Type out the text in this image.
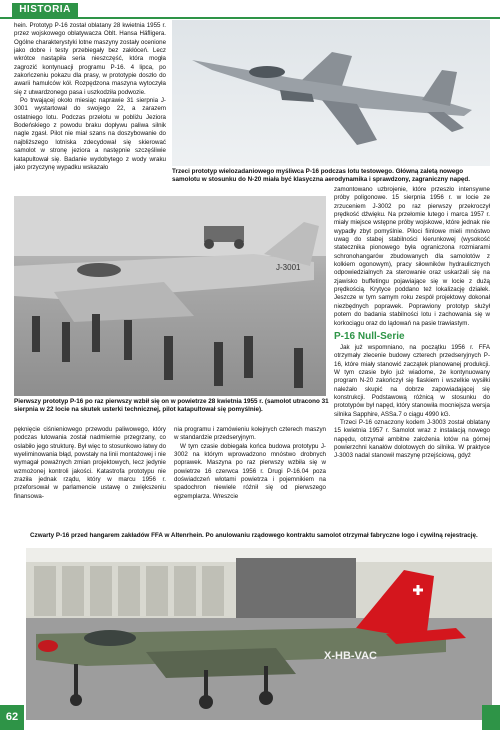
HISTORIA

hein. Prototyp P-16 został oblatany 28 kwietnia 1955 r. przez wojskowego oblatywacza Oblt. Hansa Häfligera. Ogólne charakterystyki lotne maszyny zostały ocenione jako dobre i testy przebiegały bez zakłóceń. Lecz wkrótce nastąpiła seria nieszczęść, która mogła zagrozić kontynuacji programu P-16. 4 lipca, po zakończeniu pokazu dla prasy, w prototypie doszło do awarii hamulców kół. Rozpędzona maszyna wytoczyła się z utwardzonego pasa i uszkodziła podwozie.

Po trwającej około miesiąc naprawie 31 sierpnia J-3001 wystartował do swojego 22, a zarazem ostatniego lotu. Podczas przelotu w pobliżu Jeziora Bodeńskiego z powodu braku dopływu paliwa silnik nagle zgasł. Pilot nie miał szans na doszybowanie do najbliższego lotniska zdecydował się skierować samolot w stronę jeziora a następnie szczęśliwie katapultował się. Badanie wydobytego z wody wraku jako przyczynę wypadku wskazało

Trzeci prototyp wielozadaniowego myśliwca P-16 podczas lotu testowego. Główną zaletą nowego samolotu w stosunku do N-20 miała być klasyczna aerodynamika i sprawdzony, zagraniczny napęd.
J-3001
Pierwszy prototyp P-16 po raz pierwszy wzbił się on w powietrze 28 kwietnia 1955 r. (samolot utracono 31 sierpnia w 22 locie na skutek usterki technicznej, pilot katapultował się pomyślnie).

zamontowano uzbrojenie, które przeszło intensywne próby poligonowe. 15 sierpnia 1956 r. w locie ze zrzuceniem J-3002 po raz pierwszy przekroczył prędkość dźwięku. Na przełomie lutego i marca 1957 r. miały miejsce wstępne próby wojskowe, które jednak nie wypadły zbyt pomyślnie. Piloci fiinlowe mieli mnóstwo uwag do stabej stabilności kierunkowej (wysokość statecznika pionowego była ograniczona rozmiarami schronohangarów zbudowanych dla samolotów z kolkiem ogonowym), pracy siłowników hydraulicznych odpowiedzialnych za sterowanie oraz uskarżali się na zjawisko buffetingu pojawiające się w locie z dużą prędkością. Krytyce poddano też lokalizację działek. Jeszcze w tym samym roku zespół projektowy dokonał niezbędnych poprawek. Poprawiony prototyp służył potem do badania stabilności lotu i zachowania się w korkociągu oraz do lądowań na pasie trawiastym.

P-16 Null-Serie

Jak już wspomniano, na początku 1956 r. FFA otrzymały zlecenie budowy czterech przedseryjnych P-16, które miały stanowić zaczątek planowanej produkcji. W tym czasie było już wiadome, że kontynuowany program N-20 zakończył się fiaskiem i wszelkie wysiłki należało skupić na dobrze zapowiadającej się konstrukcji. Podstawową różnicą w stosunku do prototypów był napęd, który stanowiła mocniejsza wersja silnika Sapphire, ASSa.7 o ciągu 4990 kG.

Trzeci P-16 oznaczony kodem J-3003 został oblatany 15 kwietnia 1957 r. Samolot wraz z instalacją nowego napędu, otrzymał ambitne założenia lotów na górnej powierzchni kanałów dolotowych do silnika. W praktyce J-3003 nadal stanowił maszynę przejściową, gdyż

pęknięcie ciśnieniowego przewodu paliwowego, który podczas lutowania został nadmiernie przegrzany, co oslabiło jego strukturę. Był więc to stosunkowo łatwy do wyeliminowania błąd, powstały na linii montażowej i nie wymagał poważnych zmian projektowych, lecz jedynie wzmożonej kontroli jakości. Katastrofa prototypu nie zraziła jednak rządu, który w marcu 1956 r. przeforsował w parlamencie ustawę o zwiększeniu finansowa-

nia programu i zamówieniu kolejnych czterech maszyn w standardzie przedseryjnym.

W tym czasie dobiegała końca budowa prototypu J-3002 na którym wprowadzono mnóstwo drobnych poprawek. Maszyna po raz pierwszy wzbiła się w powietrze 16 czerwca 1956 r. Drugi P-16.04 poza doświadczeń włotami powietrza i pojemnikiem na spadochron niewiele różnił się od pierwszego egzemplarza. Wreszcie

Czwarty P-16 przed hangarem zakładów FFA w Altenrhein. Po anulowaniu rządowego kontraktu samolot otrzymał fabryczne logo i cywilną rejestrację.
X-HB-VAC
62
